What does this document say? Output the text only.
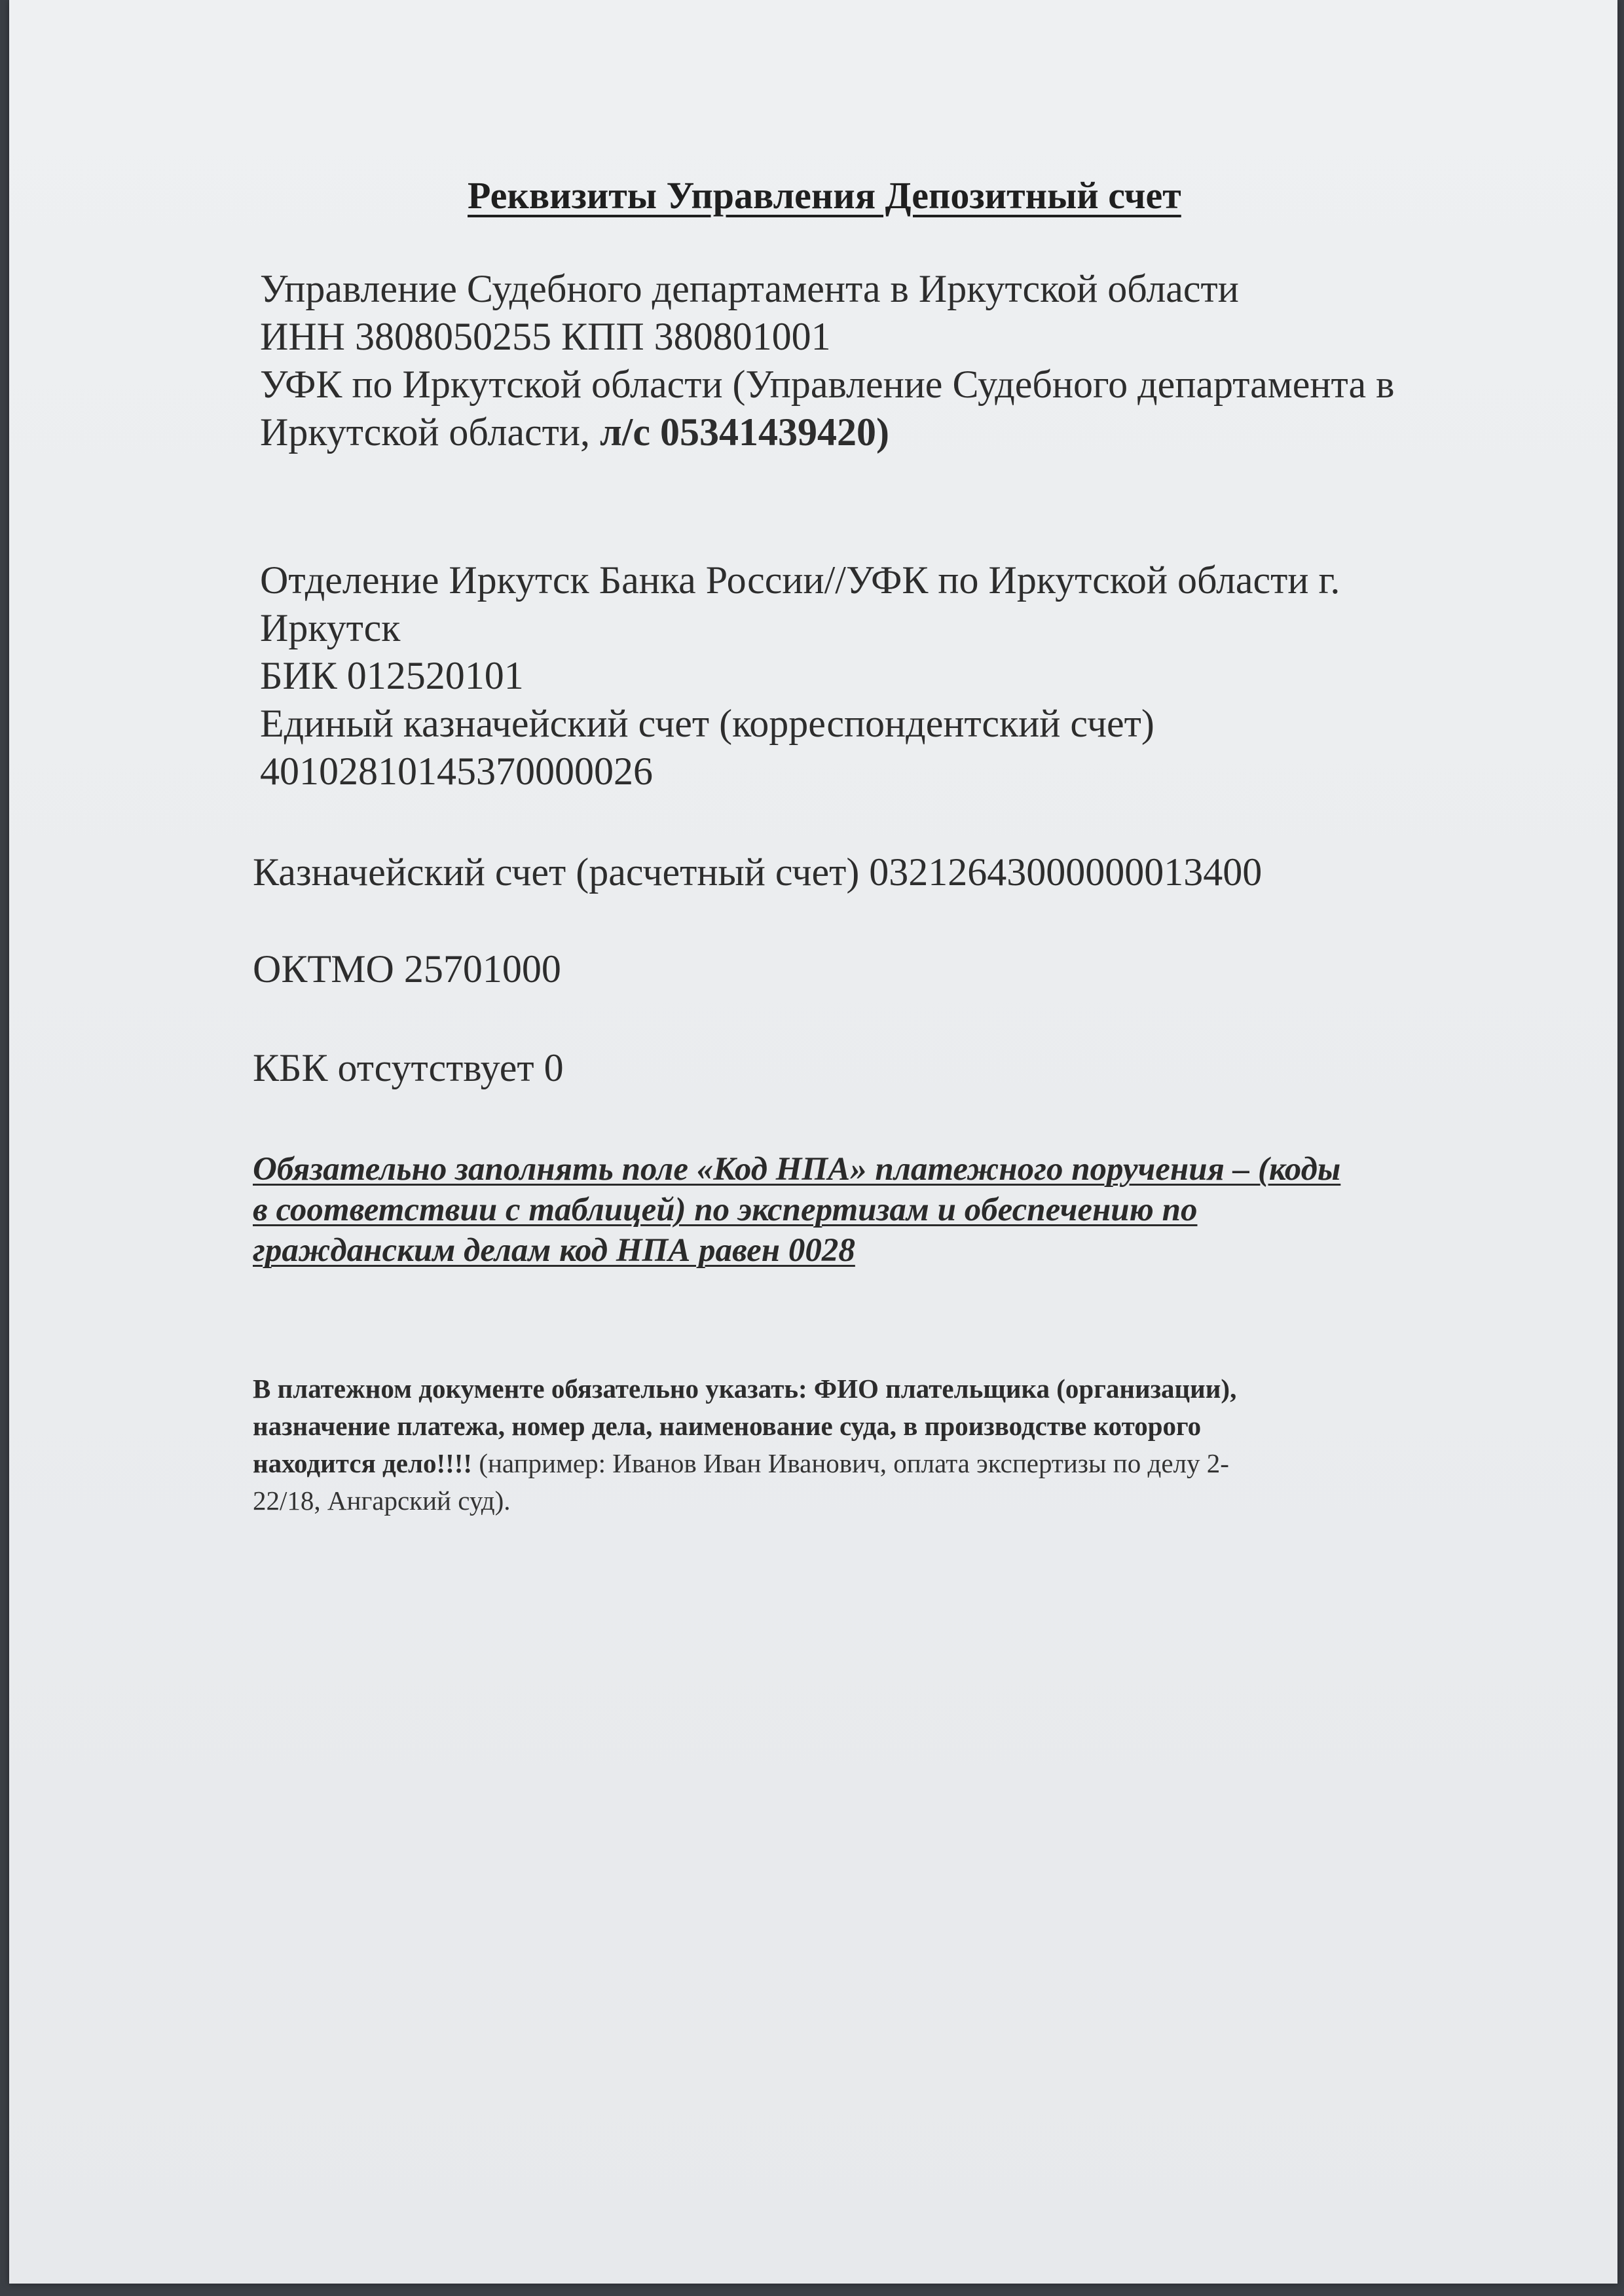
Реквизиты Управления Депозитный счет
Управление Судебного департамента в Иркутской области
ИНН 3808050255 КПП 380801001
УФК по Иркутской области (Управление Судебного департамента в
Иркутской области, л/с 05341439420)
Отделение Иркутск Банка России//УФК по Иркутской области г.
Иркутск
БИК 012520101
Единый казначейский счет (корреспондентский счет)
40102810145370000026
Казначейский счет (расчетный счет) 03212643000000013400
ОКТМО 25701000
КБК отсутствует 0
Обязательно заполнять поле «Код НПА» платежного поручения – (коды
в соответствии с таблицей) по экспертизам и обеспечению по
гражданским делам код НПА равен 0028
В платежном документе обязательно указать: ФИО плательщика (организации),
назначение платежа, номер дела, наименование суда, в производстве которого
находится дело!!!! (например: Иванов Иван Иванович, оплата экспертизы по делу 2-
22/18, Ангарский суд).
